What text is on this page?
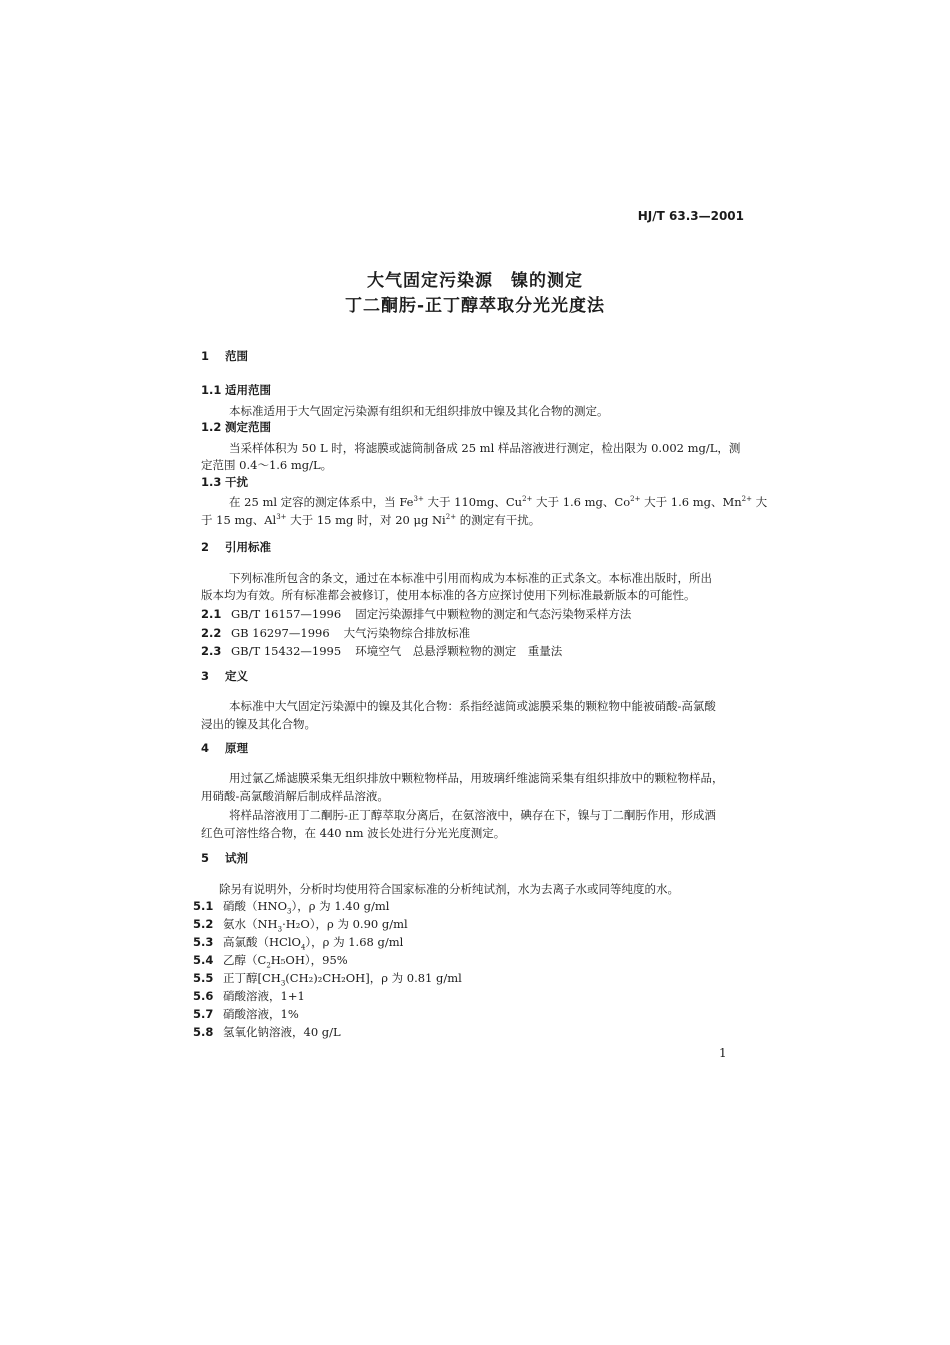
HJ/T 63.3—2001
大气固定污染源　镍的测定
丁二酮肟-正丁醇萃取分光光度法
1 范围
1.1 适用范围
本标准适用于大气固定污染源有组织和无组织排放中镍及其化合物的测定。
1.2 测定范围
当采样体积为 50 L 时，将滤膜或滤筒制备成 25 ml 样品溶液进行测定，检出限为 0.002 mg/L，测
定范围 0.4～1.6 mg/L。
1.3 干扰
在 25 ml 定容的测定体系中，当 $Fe^{3+}$ 大于 110mg、$Cu^{2+}$ 大于 1.6 mg、$Co^{2+}$ 大于 1.6 mg、$Mn^{2+}$ 大
于 15 mg、$Al^{3+}$ 大于 15 mg 时，对 20 μg $Ni^{2+}$ 的测定有干扰。
2 引用标准
下列标准所包含的条文，通过在本标准中引用而构成为本标准的正式条文。本标准出版时，所出
版本均为有效。所有标准都会被修订，使用本标准的各方应探讨使用下列标准最新版本的可能性。
2.1 GB/T 16157—1996 固定污染源排气中颗粒物的测定和气态污染物采样方法
2.2 GB 16297—1996 大气污染物综合排放标准
2.3 GB/T 15432—1995 环境空气　总悬浮颗粒物的测定　重量法
3 定义
本标准中大气固定污染源中的镍及其化合物：系指经滤筒或滤膜采集的颗粒物中能被硝酸-高氯酸
浸出的镍及其化合物。
4 原理
用过氯乙烯滤膜采集无组织排放中颗粒物样品，用玻璃纤维滤筒采集有组织排放中的颗粒物样品，
用硝酸-高氯酸消解后制成样品溶液。
将样品溶液用丁二酮肟-正丁醇萃取分离后，在氨溶液中，碘存在下，镍与丁二酮肟作用，形成酒
红色可溶性络合物，在 440 nm 波长处进行分光光度测定。
5 试剂
除另有说明外，分析时均使用符合国家标准的分析纯试剂，水为去离子水或同等纯度的水。
5.1 硝酸$(HNO_3)$，ρ 为 1.40 g/ml
5.2 氨水$(NH_3\cdot H_2O)$，ρ 为 0.90 g/ml
5.3 高氯酸（HClO$_4$），ρ 为 1.68 g/ml
5.4 乙醇$(C_2H_5OH)$，95%
5.5 正丁醇$[CH_3(CH_2)_2CH_2OH]$，ρ 为 0.81 g/ml
5.6 硝酸溶液，1+1
5.7 硝酸溶液，1%
5.8 氢氧化钠溶液，40 g/L
1
